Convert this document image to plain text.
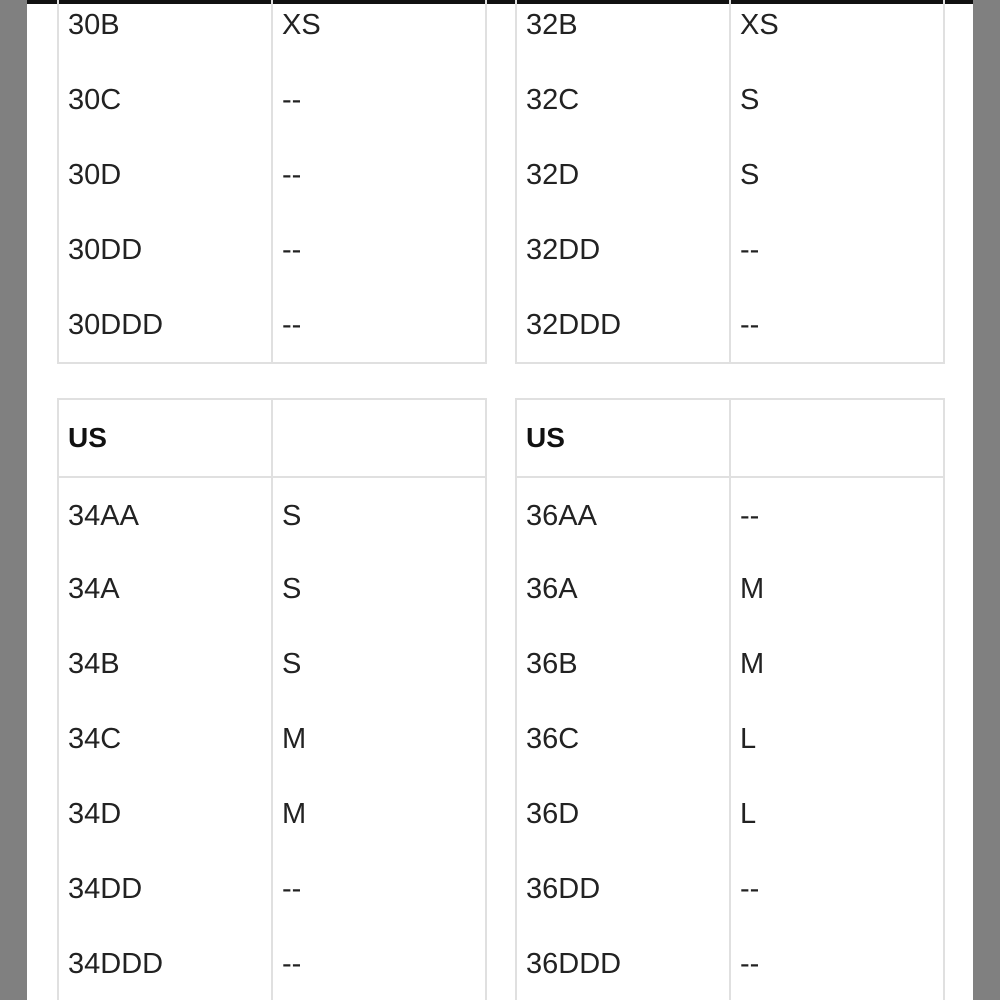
30B	XS
30C	--
30D	--
30DD	--
30DDD	--
32B	XS
32C	S
32D	S
32DD	--
32DDD	--
US	
34AA	S
34A	S
34B	S
34C	M
34D	M
34DD	--
34DDD	--
US	
36AA	--
36A	M
36B	M
36C	L
36D	L
36DD	--
36DDD	--
